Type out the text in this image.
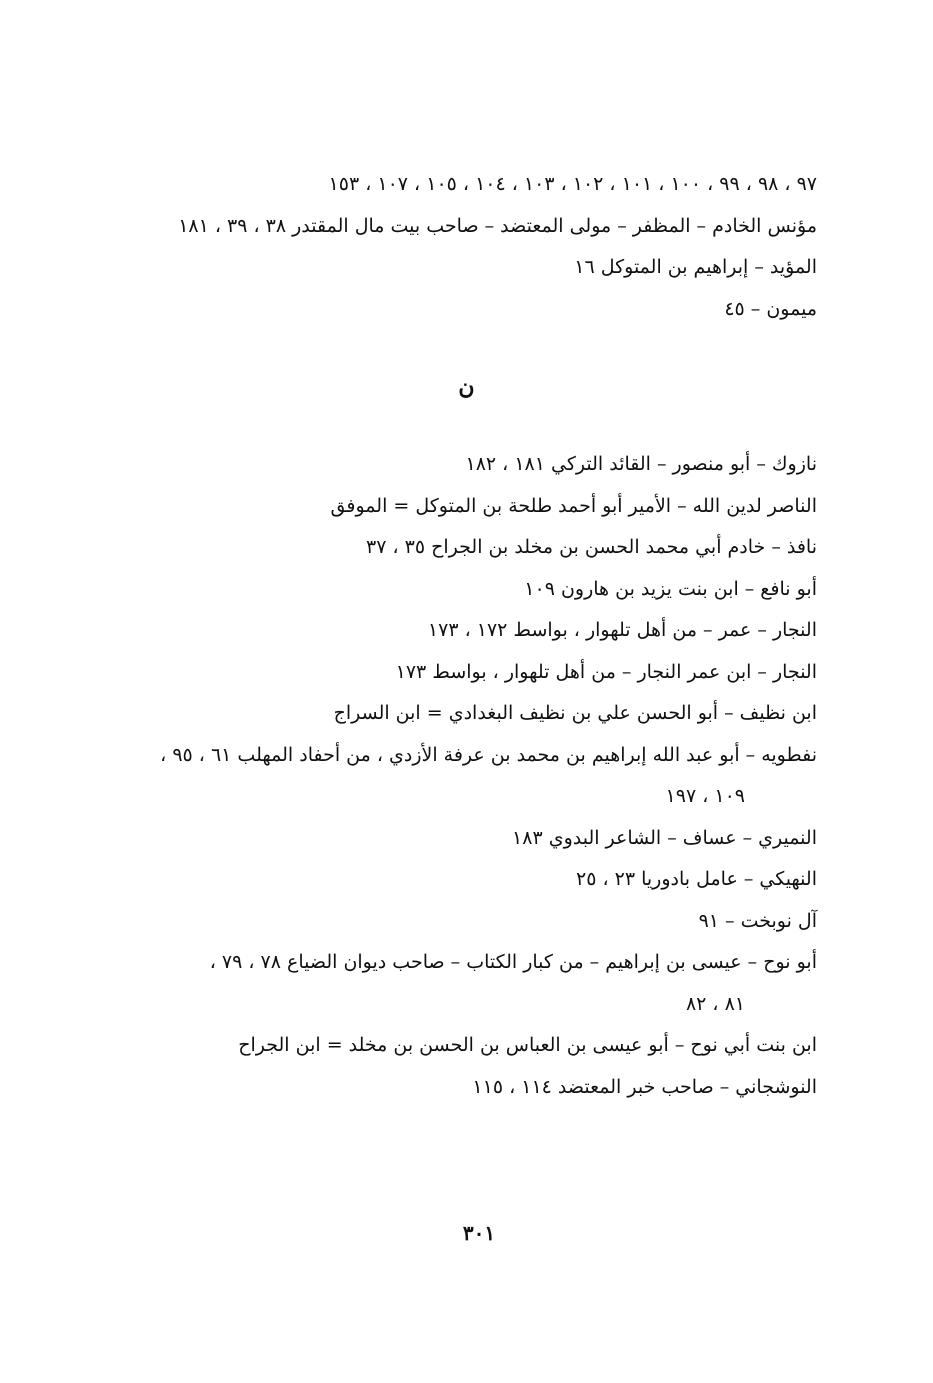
٩٧ ، ٩٨ ، ٩٩ ، ١٠٠ ، ١٠١ ، ١٠٢ ، ١٠٣ ، ١٠٤ ، ١٠٥ ، ١٠٧ ، ١٥٣
مؤنس الخادم – المظفر – مولى المعتضد – صاحب بيت مال المقتدر ٣٨ ، ٣٩ ، ١٨١
المؤيد – إبراهيم بن المتوكل ١٦
ميمون – ٤٥
ن
نازوك – أبو منصور – القائد التركي ١٨١ ، ١٨٢
الناصر لدين الله – الأمير أبو أحمد طلحة بن المتوكل = الموفق
نافذ – خادم أبي محمد الحسن بن مخلد بن الجراح ٣٥ ، ٣٧
أبو نافع – ابن بنت يزيد بن هارون ١٠٩
النجار – عمر – من أهل تلهوار ، بواسط ١٧٢ ، ١٧٣
النجار – ابن عمر النجار – من أهل تلهوار ، بواسط ١٧٣
ابن نظيف – أبو الحسن علي بن نظيف البغدادي = ابن السراج
نفطويه – أبو عبد الله إبراهيم بن محمد بن عرفة الأزدي ، من أحفاد المهلب ٦١ ، ٩٥ ،
١٠٩ ، ١٩٧
النميري – عساف – الشاعر البدوي ١٨٣
النهيكي – عامل بادوريا ٢٣ ، ٢٥
آل نوبخت – ٩١
أبو نوح – عيسى بن إبراهيم – من كبار الكتاب – صاحب ديوان الضياع ٧٨ ، ٧٩ ،
٨١ ، ٨٢
ابن بنت أبي نوح – أبو عيسى بن العباس بن الحسن بن مخلد = ابن الجراح
النوشجاني – صاحب خبر المعتضد ١١٤ ، ١١٥
٣٠١
